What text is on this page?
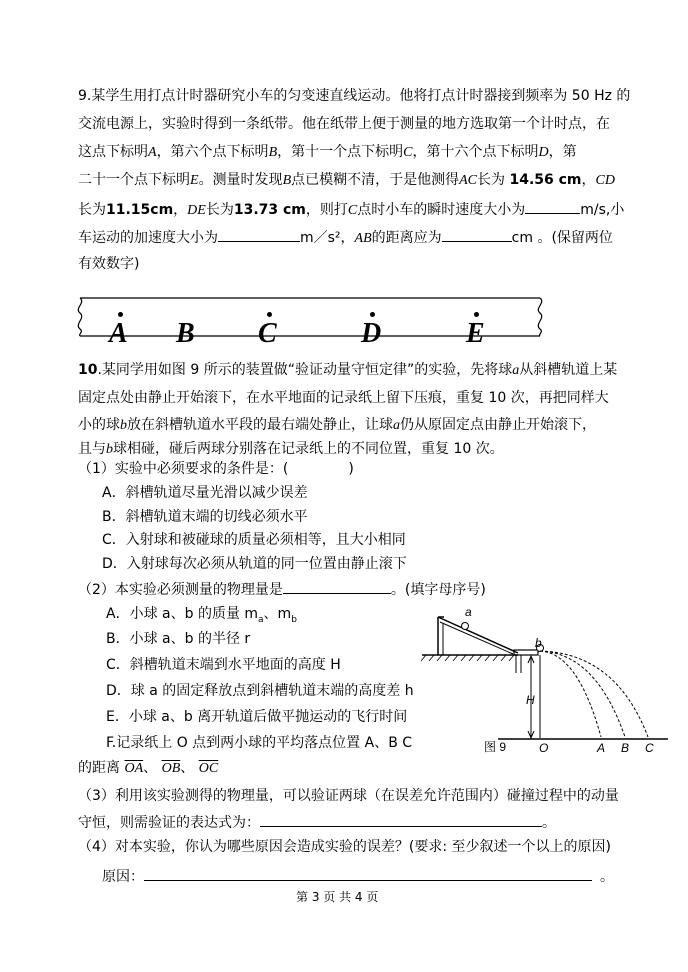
9.某学生用打点计时器研究小车的匀变速直线运动。他将打点计时器接到频率为 50 Hz 的
交流电源上，实验时得到一条纸带。他在纸带上便于测量的地方选取第一个计时点，在
这点下标明A，第六个点下标明B，第十一个点下标明C，第十六个点下标明D，第
二十一个点下标明E。测量时发现B点已模糊不清，于是他测得AC长为 14.56 cm，CD
长为11.15cm，DE长为13.73 cm，则打C点时小车的瞬时速度大小为	m/s,小
车运动的加速度大小为	m／s²，AB的距离应为	cm 。(保留两位
有效数字)
A B C	D	E
10.某同学用如图 9 所示的装置做“验证动量守恒定律”的实验，先将球a从斜槽轨道上某
固定点处由静止开始滚下，在水平地面的记录纸上留下压痕，重复 10 次，再把同样大
小的球b放在斜槽轨道水平段的最右端处静止，让球a仍从原固定点由静止开始滚下，
且与b球相碰，碰后两球分别落在记录纸上的不同位置，重复 10 次。
（1）实验中必须要求的条件是：(	)
A．斜槽轨道尽量光滑以减少误差
B．斜槽轨道末端的切线必须水平
C．入射球和被碰球的质量必须相等，且大小相同
D．入射球每次必须从轨道的同一位置由静止滚下
（2）本实验必须测量的物理量是	。(填字母序号)
A．小球 a、b 的质量 $m_a$、$m_b$
B．小球 a、b 的半径 r
C．斜槽轨道末端到水平地面的高度 H
D．球 a 的固定释放点到斜槽轨道末端的高度差 h
E．小球 a、b 离开轨道后做平抛运动的飞行时间
F.记录纸上 O 点到两小球的平均落点位置 A、B C
的距离 $\overline{OA}$、 $\overline{OB}$、 $\overline{OC}$
（3）利用该实验测得的物理量，可以验证两球（在误差允许范围内）碰撞过程中的动量
守恒，则需验证的表达式为：	。
（4）对本实验，你认为哪些原因会造成实验的误差？(要求: 至少叙述一个以上的原因)
原因：	。
a
b
H
图 9	O	A B C
第 3 页 共 4 页
